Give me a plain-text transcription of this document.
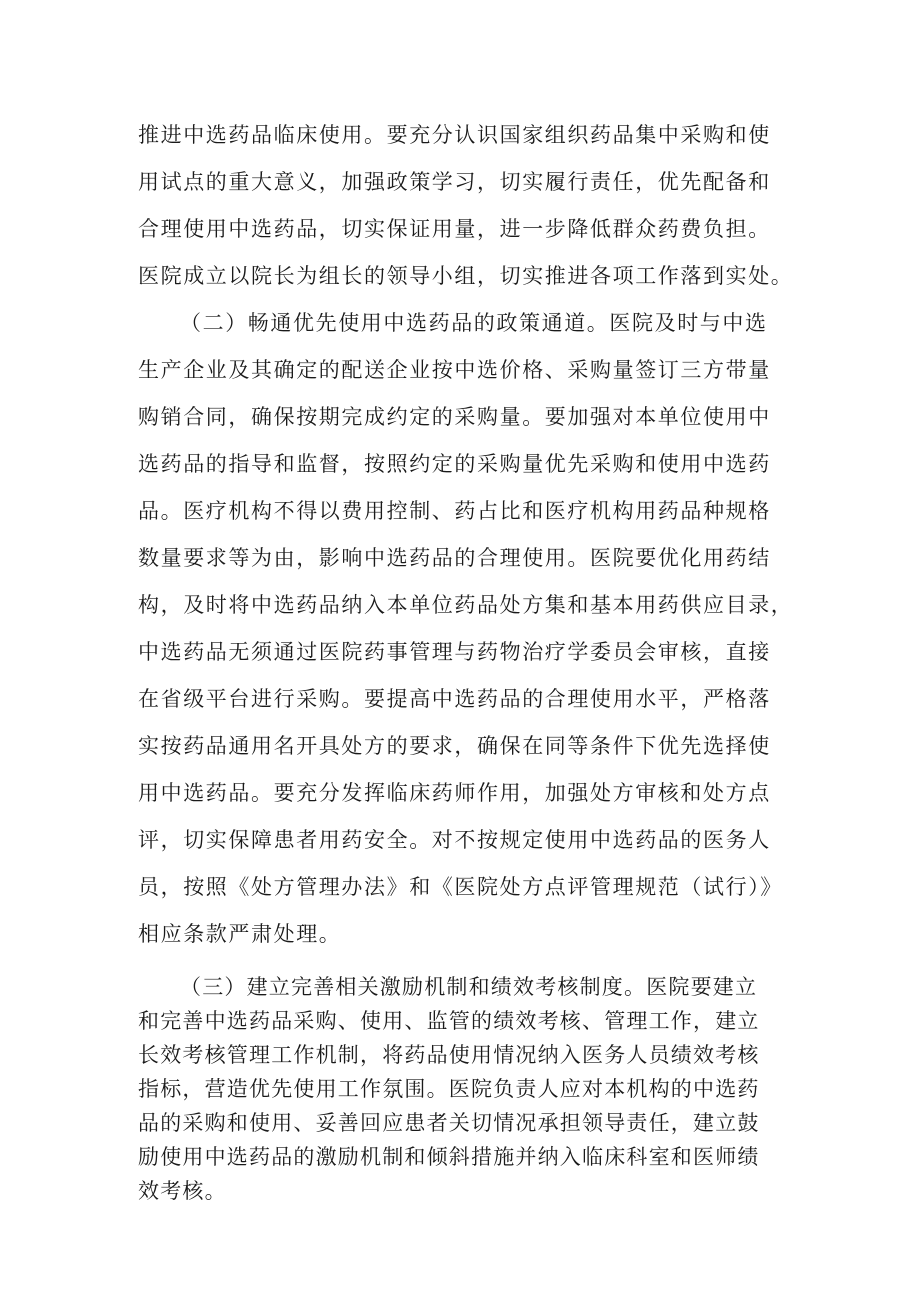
推进中选药品临床使用。要充分认识国家组织药品集中采购和使
用试点的重大意义，加强政策学习，切实履行责任，优先配备和
合理使用中选药品，切实保证用量，进一步降低群众药费负担。
医院成立以院长为组长的领导小组，切实推进各项工作落到实处。
（二）畅通优先使用中选药品的政策通道。医院及时与中选
生产企业及其确定的配送企业按中选价格、采购量签订三方带量
购销合同，确保按期完成约定的采购量。要加强对本单位使用中
选药品的指导和监督，按照约定的采购量优先采购和使用中选药
品。医疗机构不得以费用控制、药占比和医疗机构用药品种规格
数量要求等为由，影响中选药品的合理使用。医院要优化用药结
构，及时将中选药品纳入本单位药品处方集和基本用药供应目录，
中选药品无须通过医院药事管理与药物治疗学委员会审核，直接
在省级平台进行采购。要提高中选药品的合理使用水平，严格落
实按药品通用名开具处方的要求，确保在同等条件下优先选择使
用中选药品。要充分发挥临床药师作用，加强处方审核和处方点
评，切实保障患者用药安全。对不按规定使用中选药品的医务人
员，按照《处方管理办法》和《医院处方点评管理规范（试行）》
相应条款严肃处理。
（三）建立完善相关激励机制和绩效考核制度。医院要建立
和完善中选药品采购、使用、监管的绩效考核、管理工作，建立
长效考核管理工作机制，将药品使用情况纳入医务人员绩效考核
指标，营造优先使用工作氛围。医院负责人应对本机构的中选药
品的采购和使用、妥善回应患者关切情况承担领导责任，建立鼓
励使用中选药品的激励机制和倾斜措施并纳入临床科室和医师绩
效考核。
